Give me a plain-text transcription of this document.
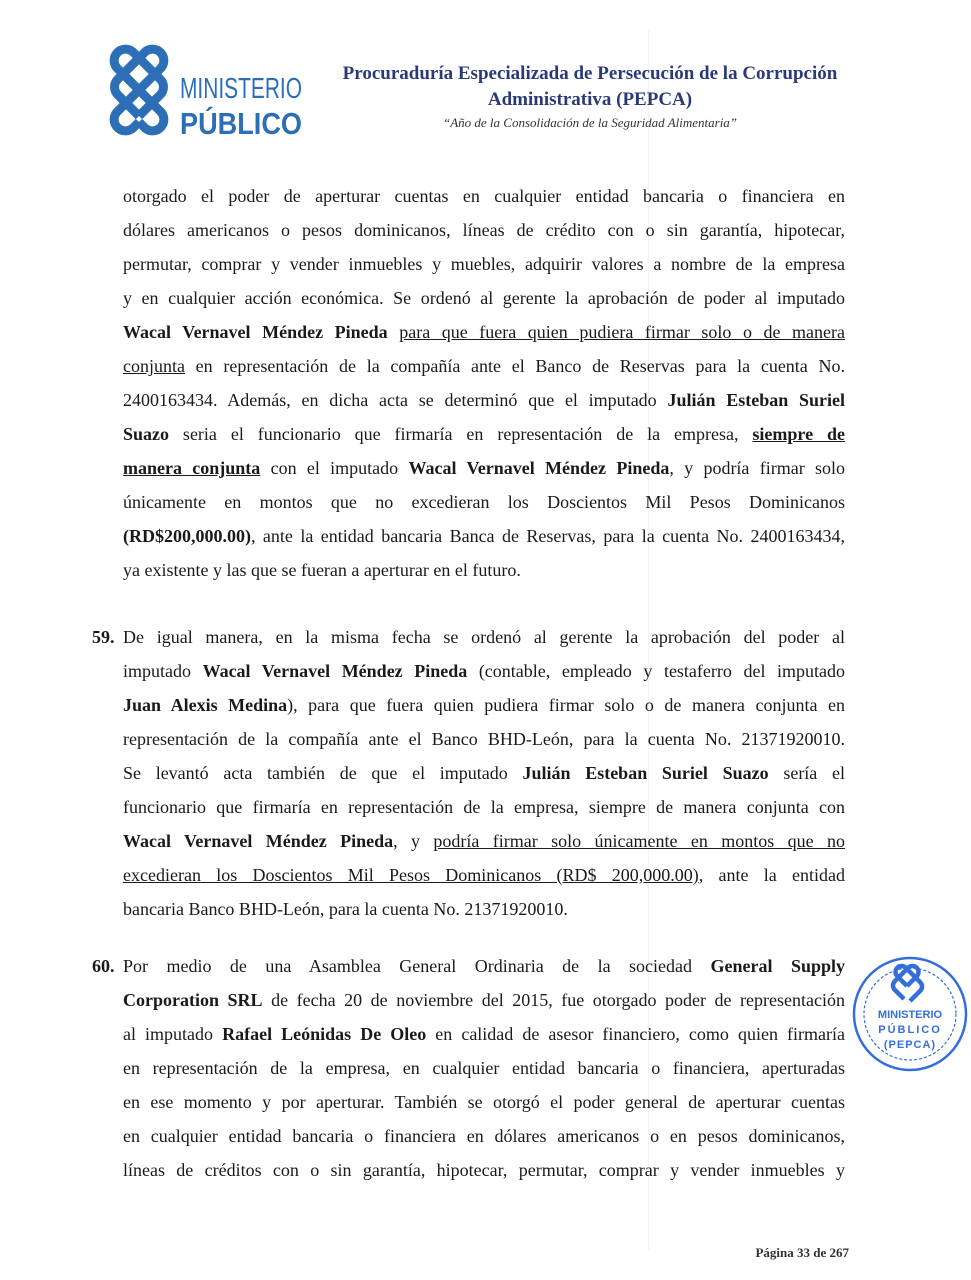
MINISTERIO
PÚBLICO
Procuraduría Especializada de Persecución de la Corrupción
Administrativa (PEPCA)
“Año de la Consolidación de la Seguridad Alimentaria”
otorgado el poder de aperturar cuentas en cualquier entidad bancaria o financiera en
dólares americanos o pesos dominicanos, líneas de crédito con o sin garantía, hipotecar,
permutar, comprar y vender inmuebles y muebles, adquirir valores a nombre de la empresa
y en cualquier acción económica. Se ordenó al gerente la aprobación de poder al imputado
Wacal Vernavel Méndez Pineda para que fuera quien pudiera firmar solo o de manera
conjunta en representación de la compañía ante el Banco de Reservas para la cuenta No.
2400163434. Además, en dicha acta se determinó que el imputado Julián Esteban Suriel
Suazo seria el funcionario que firmaría en representación de la empresa, siempre de
manera conjunta con el imputado Wacal Vernavel Méndez Pineda, y podría firmar solo
únicamente en montos que no excedieran los Doscientos Mil Pesos Dominicanos
(RD$200,000.00), ante la entidad bancaria Banca de Reservas, para la cuenta No. 2400163434,
ya existente y las que se fueran a aperturar en el futuro.
59. De igual manera, en la misma fecha se ordenó al gerente la aprobación del poder al
imputado Wacal Vernavel Méndez Pineda (contable, empleado y testaferro del imputado
Juan Alexis Medina), para que fuera quien pudiera firmar solo o de manera conjunta en
representación de la compañía ante el Banco BHD-León, para la cuenta No. 21371920010.
Se levantó acta también de que el imputado Julián Esteban Suriel Suazo sería el
funcionario que firmaría en representación de la empresa, siempre de manera conjunta con
Wacal Vernavel Méndez Pineda, y podría firmar solo únicamente en montos que no
excedieran los Doscientos Mil Pesos Dominicanos (RD$ 200,000.00), ante la entidad
bancaria Banco BHD-León, para la cuenta No. 21371920010.
60. Por medio de una Asamblea General Ordinaria de la sociedad General Supply
Corporation SRL de fecha 20 de noviembre del 2015, fue otorgado poder de representación
al imputado Rafael Leónidas De Oleo en calidad de asesor financiero, como quien firmaría
en representación de la empresa, en cualquier entidad bancaria o financiera, aperturadas
en ese momento y por aperturar. También se otorgó el poder general de aperturar cuentas
en cualquier entidad bancaria o financiera en dólares americanos o en pesos dominicanos,
líneas de créditos con o sin garantía, hipotecar, permutar, comprar y vender inmuebles y
MINISTERIO
PÚBLICO
(PEPCA)
Página 33 de 267
